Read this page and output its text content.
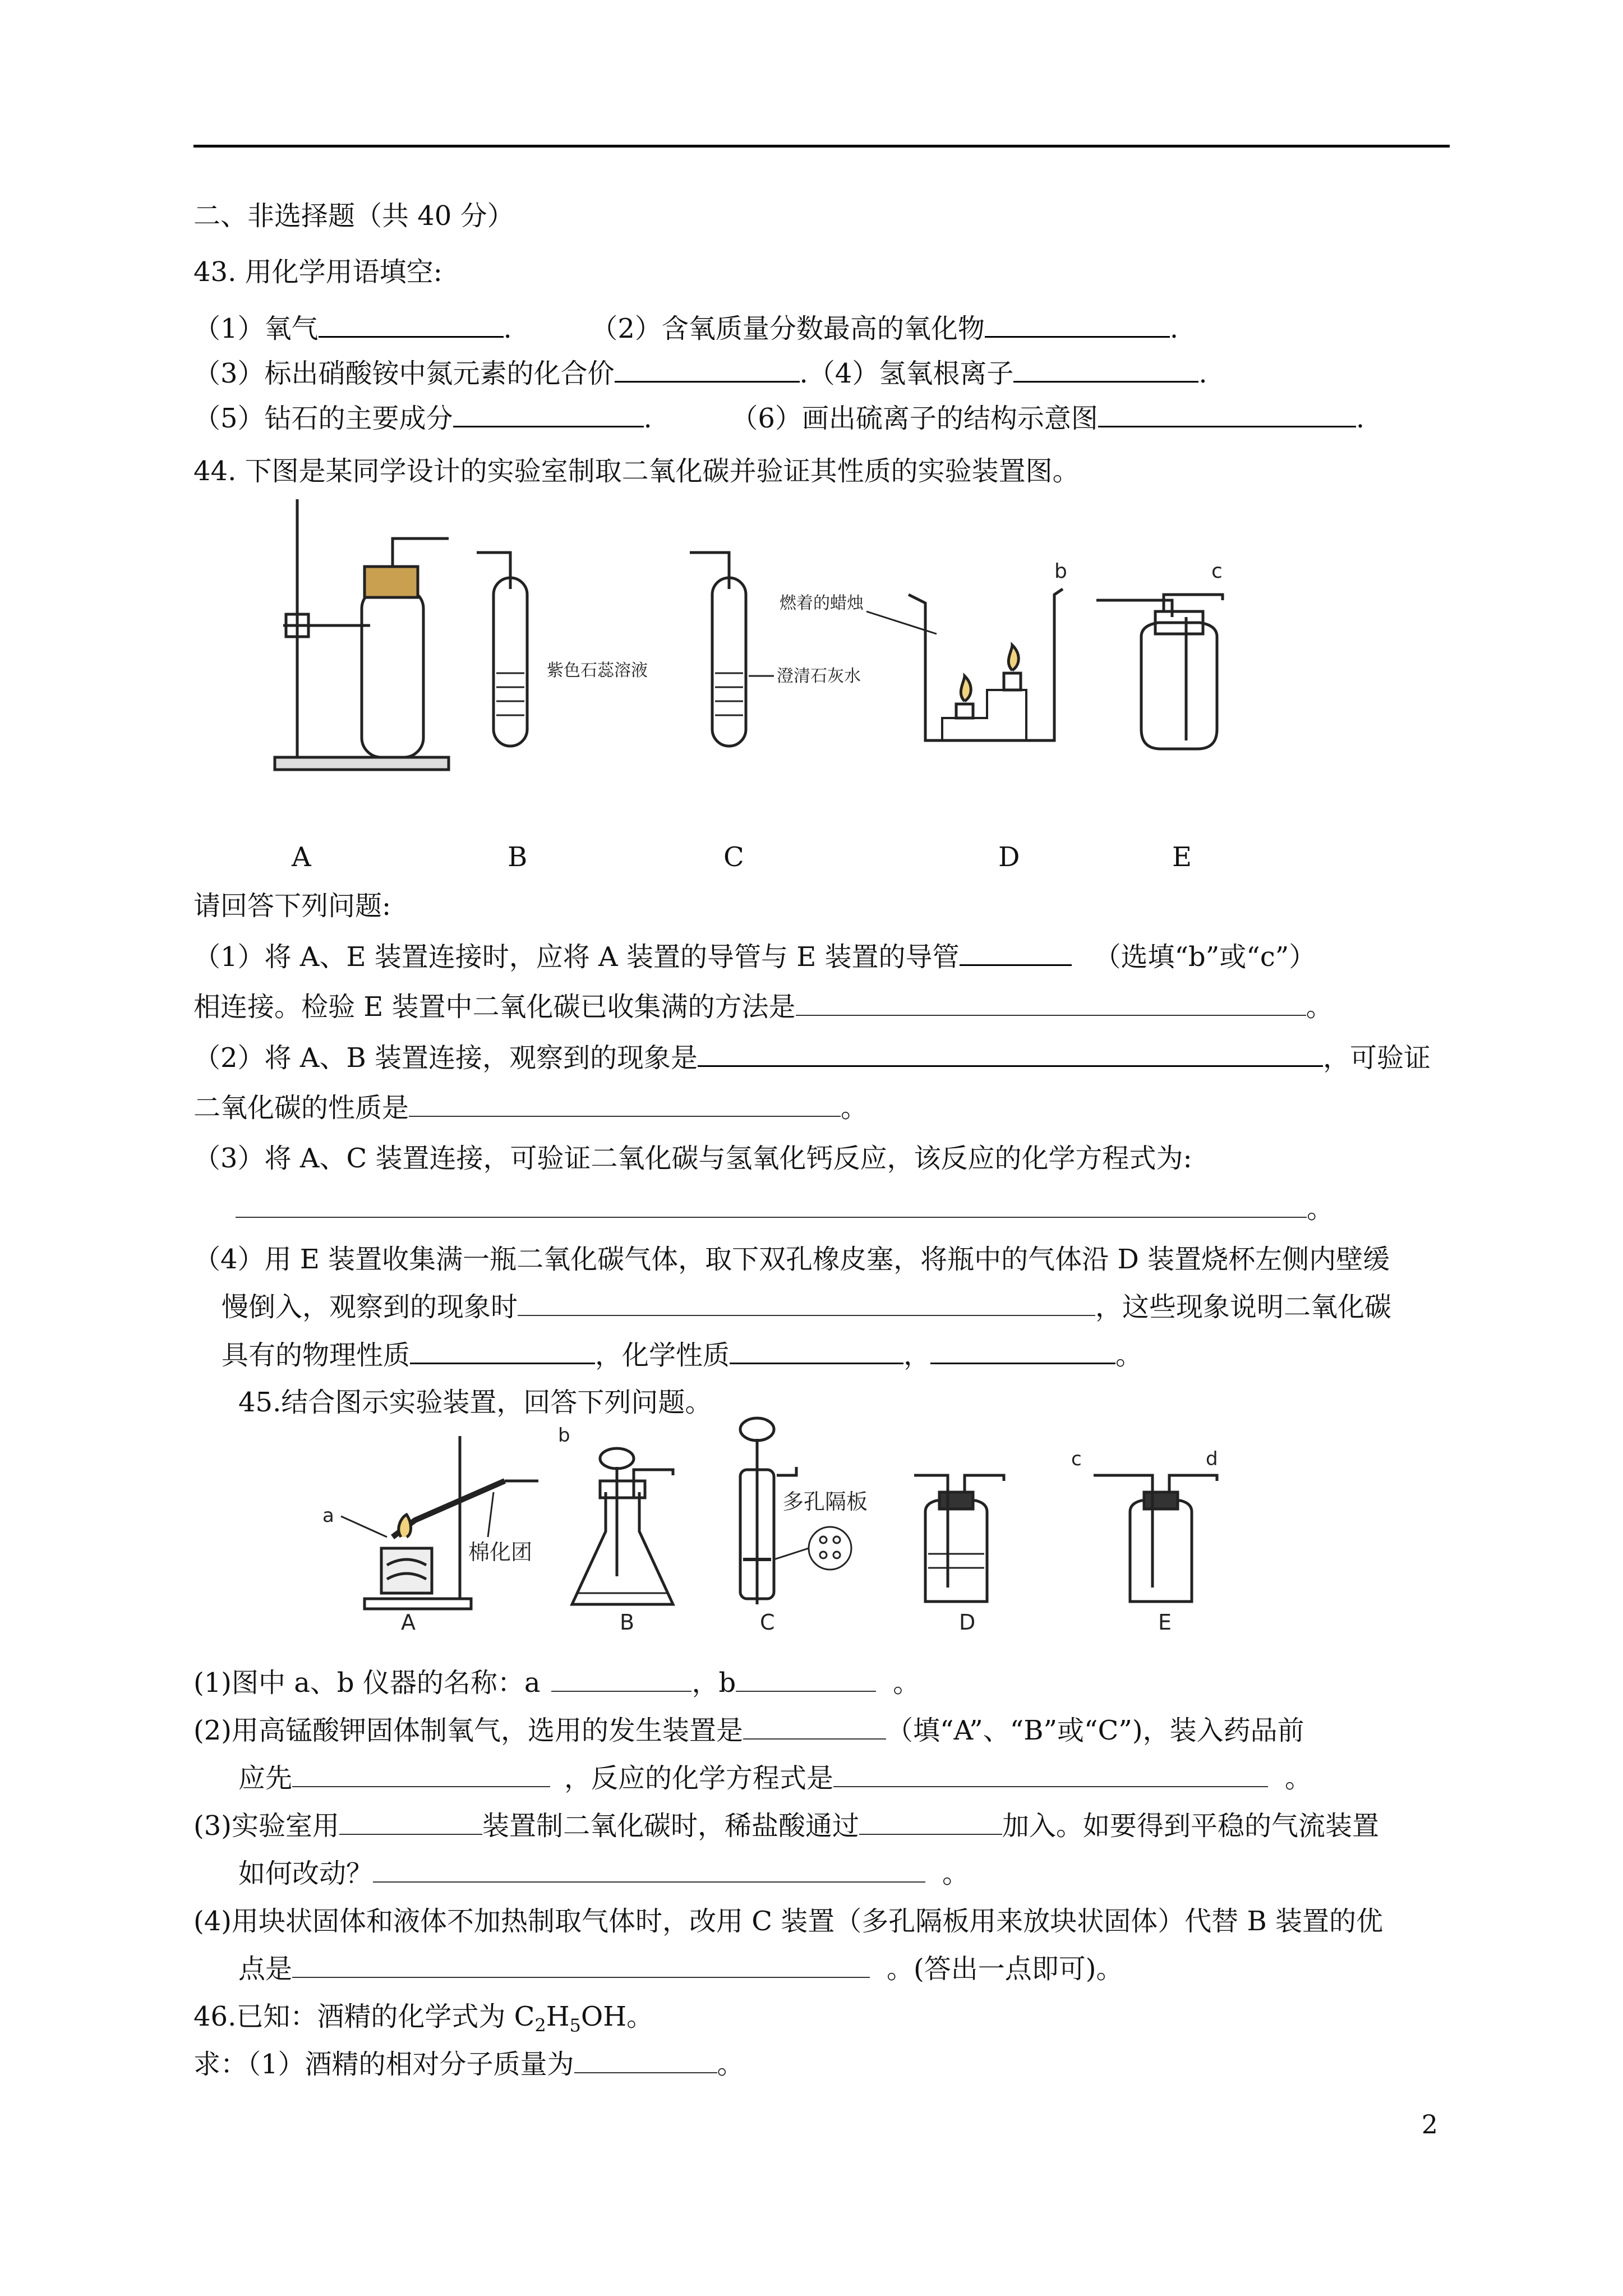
二、非选择题（共 40 分）
43. 用化学用语填空:
（1）氧气	.	（2）含氧质量分数最高的氧化物	.
（3）标出硝酸铵中氮元素的化合价	.（4）氢氧根离子	.
（5）钻石的主要成分	.	（6）画出硫离子的结构示意图	.
44. 下图是某同学设计的实验室制取二氧化碳并验证其性质的实验装置图。
紫色石蕊溶液	澄清石灰水
燃着的蜡烛
b	c
A	B	C	D	E
请回答下列问题:
（1）将 A、E 装置连接时，应将 A 装置的导管与 E 装置的导管	（选填“b”或“c”）
相连接。检验 E 装置中二氧化碳已收集满的方法是	。
（2）将 A、B 装置连接，观察到的现象是	，可验证
二氧化碳的性质是	。
（3）将 A、C 装置连接，可验证二氧化碳与氢氧化钙反应，该反应的化学方程式为:
。
（4）用 E 装置收集满一瓶二氧化碳气体，取下双孔橡皮塞，将瓶中的气体沿 D 装置烧杯左侧内壁缓
慢倒入，观察到的现象时	，这些现象说明二氧化碳
具有的物理性质	，化学性质	，	。
45.结合图示实验装置，回答下列问题。
a
棉化团
b
多孔隔板
c	d
A	B	C	D	E
(1)图中 a、b 仪器的名称：a	，b	。
(2)用高锰酸钾固体制氧气，选用的发生装置是	（填“A”、“B”或“C”)，装入药品前
应先	，反应的化学方程式是	。
(3)实验室用	装置制二氧化碳时，稀盐酸通过	加入。如要得到平稳的气流装置
如何改动？	。
(4)用块状固体和液体不加热制取气体时，改用 C 装置（多孔隔板用来放块状固体）代替 B 装置的优
点是	。(答出一点即可)。
46.已知：酒精的化学式为 $C_2H_5OH$。
求：（1）酒精的相对分子质量为	。
2
